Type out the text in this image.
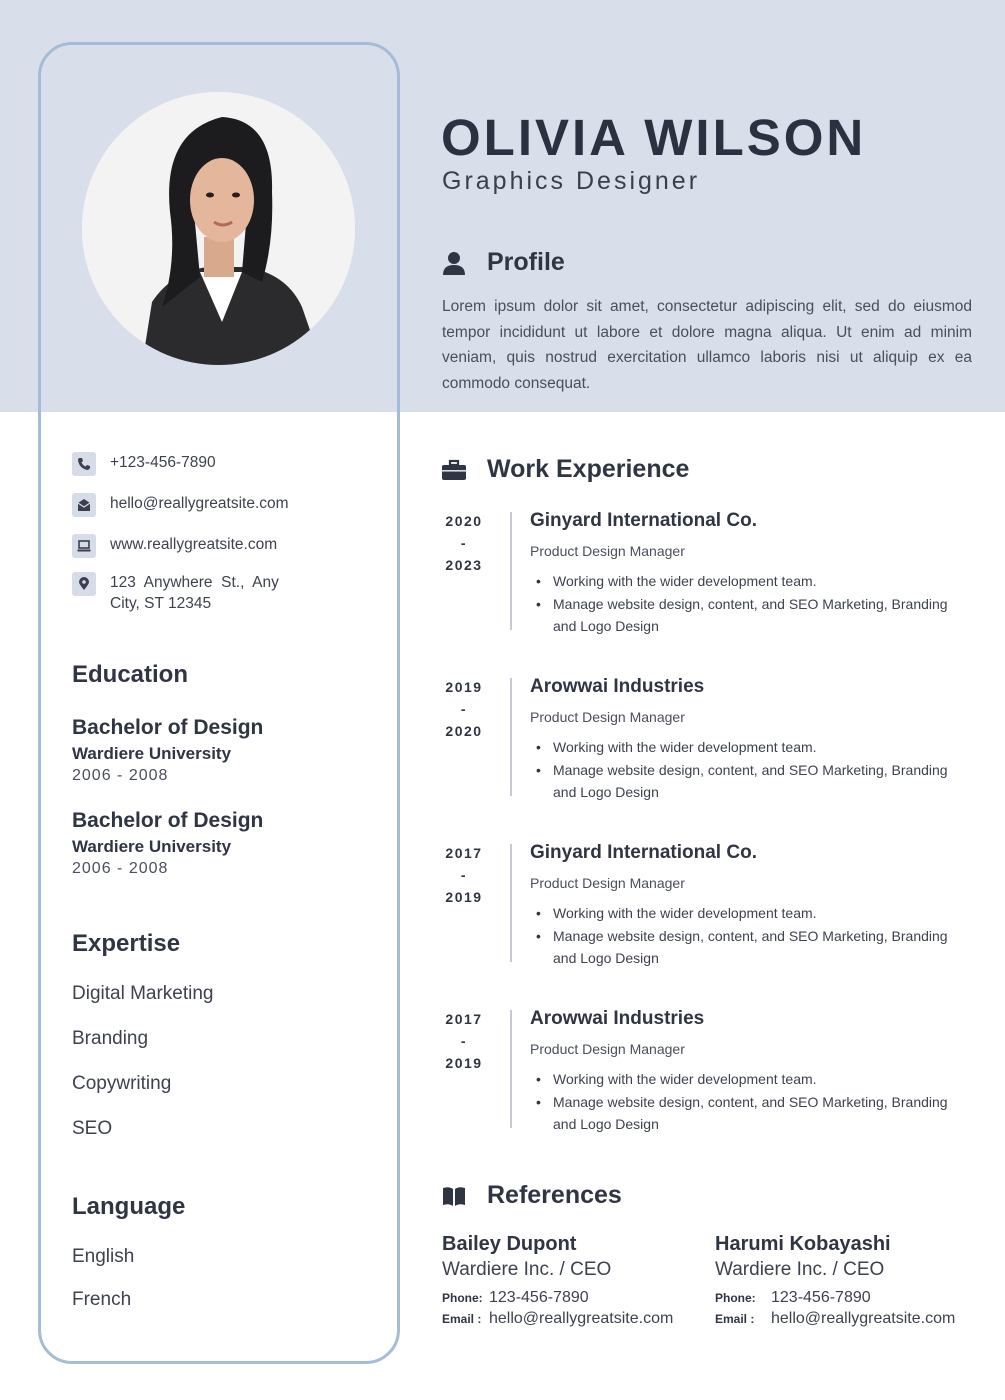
OLIVIA WILSON
Graphics Designer
Profile
Lorem ipsum dolor sit amet, consectetur adipiscing elit, sed do eiusmod tempor incididunt ut labore et dolore magna aliqua. Ut enim ad minim veniam, quis nostrud exercitation ullamco laboris nisi ut aliquip ex ea commodo consequat.
+123-456-7890
hello@reallygreatsite.com
www.reallygreatsite.com
123  Anywhere  St.,  Any
City, ST 12345
Education
Bachelor of Design
Wardiere University
2006 - 2008
Bachelor of Design
Wardiere University
2006 - 2008
Expertise
Digital Marketing
Branding
Copywriting
SEO
Language
English
French
Work Experience
2020
-
2023
Ginyard International Co.
Product Design Manager
• Working with the wider development team.
• Manage website design, content, and SEO Marketing, Branding and Logo Design
2019
-
2020
Arowwai Industries
Product Design Manager
• Working with the wider development team.
• Manage website design, content, and SEO Marketing, Branding and Logo Design
2017
-
2019
Ginyard International Co.
Product Design Manager
• Working with the wider development team.
• Manage website design, content, and SEO Marketing, Branding and Logo Design
2017
-
2019
Arowwai Industries
Product Design Manager
• Working with the wider development team.
• Manage website design, content, and SEO Marketing, Branding and Logo Design
References
Bailey Dupont
Wardiere Inc. / CEO
Phone: 123-456-7890
Email : hello@reallygreatsite.com
Harumi Kobayashi
Wardiere Inc. / CEO
Phone: 123-456-7890
Email :	hello@reallygreatsite.com
